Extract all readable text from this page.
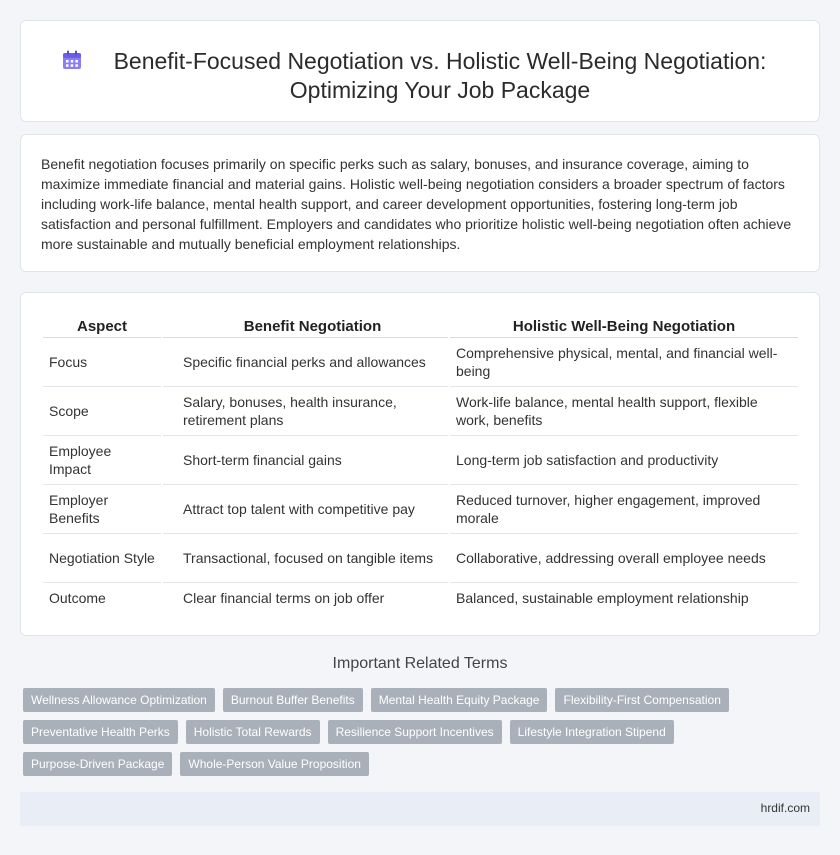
Benefit-Focused Negotiation vs. Holistic Well-Being Negotiation: Optimizing Your Job Package

Benefit negotiation focuses primarily on specific perks such as salary, bonuses, and insurance coverage, aiming to maximize immediate financial and material gains. Holistic well-being negotiation considers a broader spectrum of factors including work-life balance, mental health support, and career development opportunities, fostering long-term job satisfaction and personal fulfillment. Employers and candidates who prioritize holistic well-being negotiation often achieve more sustainable and mutually beneficial employment relationships.

Aspect	Benefit Negotiation	Holistic Well-Being Negotiation
Focus	Specific financial perks and allowances	Comprehensive physical, mental, and financial well-being
Scope	Salary, bonuses, health insurance, retirement plans	Work-life balance, mental health support, flexible work, benefits
Employee Impact	Short-term financial gains	Long-term job satisfaction and productivity
Employer Benefits	Attract top talent with competitive pay	Reduced turnover, higher engagement, improved morale
Negotiation Style	Transactional, focused on tangible items	Collaborative, addressing overall employee needs
Outcome	Clear financial terms on job offer	Balanced, sustainable employment relationship
Important Related Terms
Wellness Allowance Optimization	Burnout Buffer Benefits	Mental Health Equity Package	Flexibility-First Compensation
Preventative Health Perks	Holistic Total Rewards	Resilience Support Incentives	Lifestyle Integration Stipend
Purpose-Driven Package	Whole-Person Value Proposition
hrdif.com
